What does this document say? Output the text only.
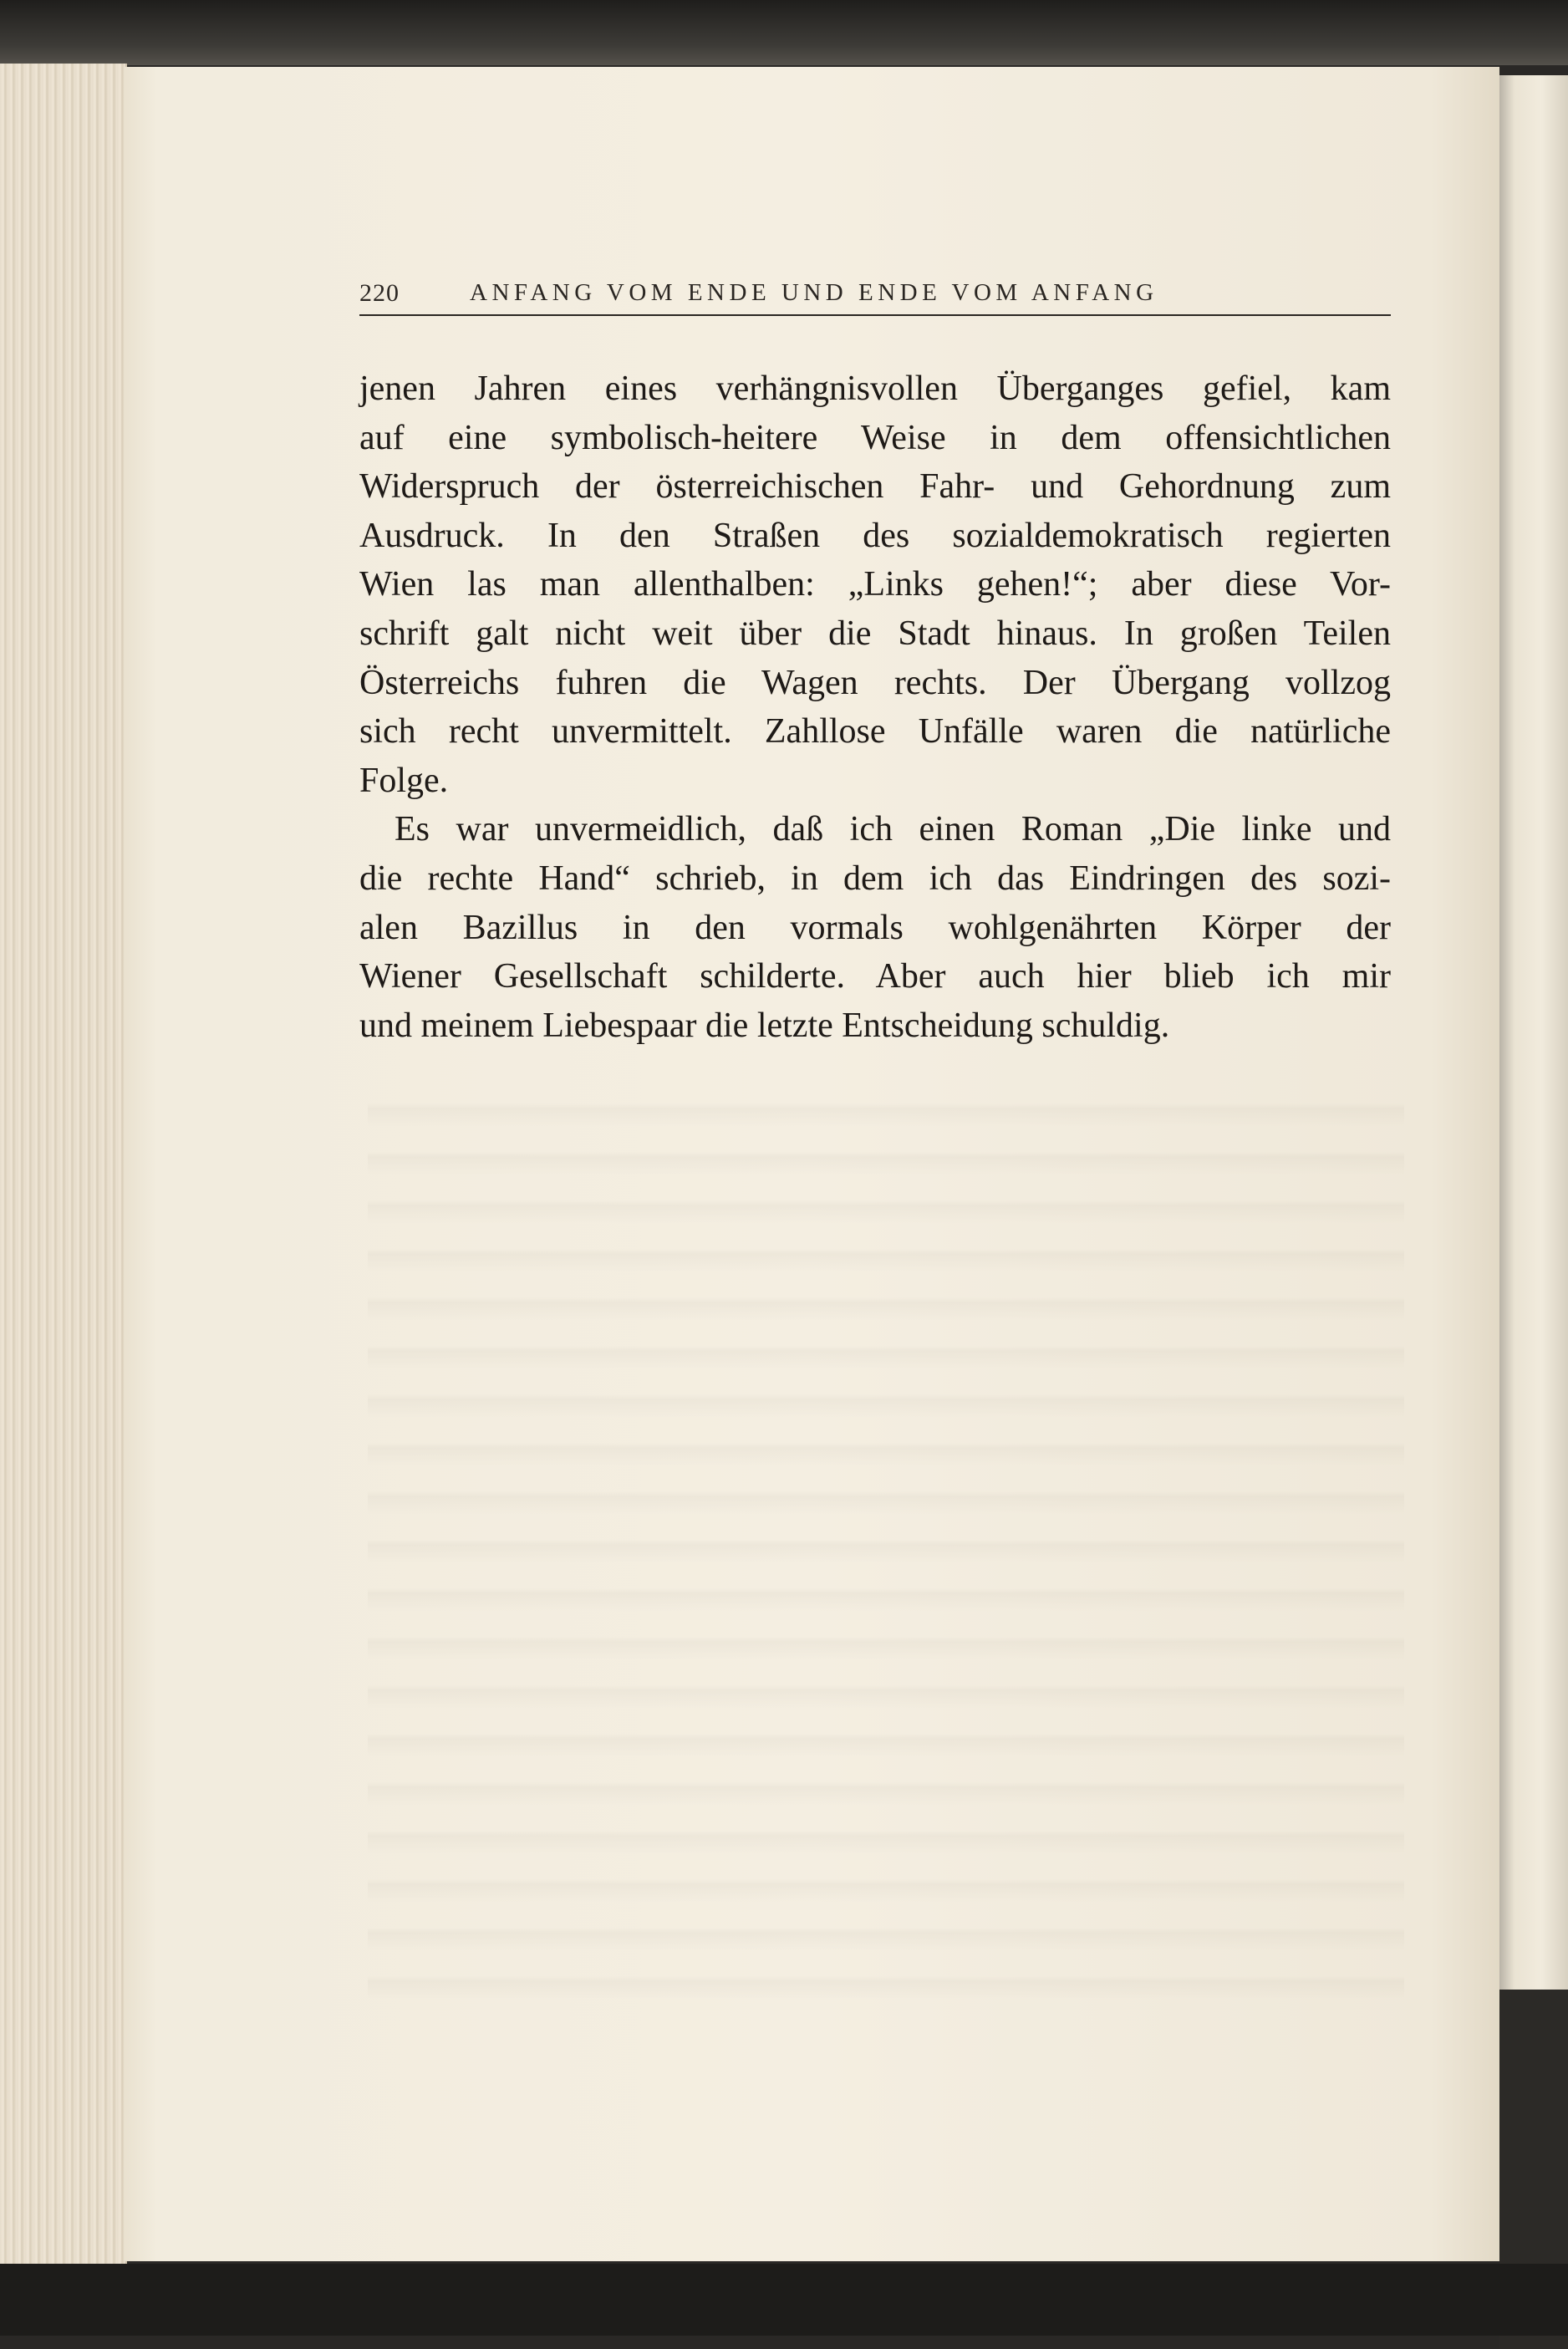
220	ANFANG VOM ENDE UND ENDE VOM ANFANG
jenen Jahren eines verhängnisvollen Überganges gefiel, kam
auf eine symbolisch-heitere Weise in dem offensichtlichen
Widerspruch der österreichischen Fahr- und Gehordnung zum
Ausdruck. In den Straßen des sozialdemokratisch regierten
Wien las man allenthalben: „Links gehen!“; aber diese Vor-
schrift galt nicht weit über die Stadt hinaus. In großen Teilen
Österreichs fuhren die Wagen rechts. Der Übergang vollzog
sich recht unvermittelt. Zahllose Unfälle waren die natürliche
Folge.
Es war unvermeidlich, daß ich einen Roman „Die linke und
die rechte Hand“ schrieb, in dem ich das Eindringen des sozi-
alen Bazillus in den vormals wohlgenährten Körper der
Wiener Gesellschaft schilderte. Aber auch hier blieb ich mir
und meinem Liebespaar die letzte Entscheidung schuldig.
